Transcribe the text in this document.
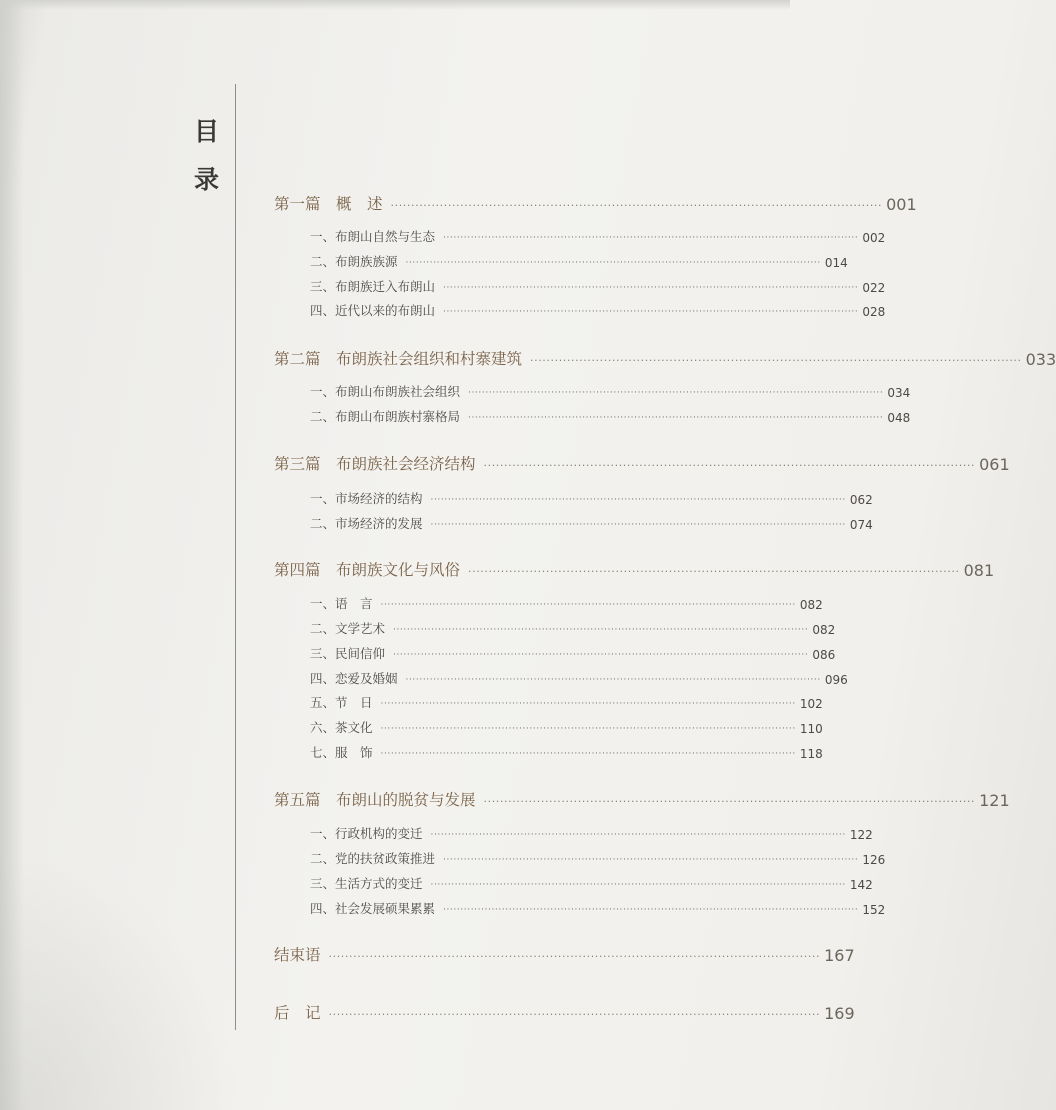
目
录
第一篇　概　述 ························································································································ 001
一、布朗山自然与生态 ························································································································ 002
二、布朗族族源 ························································································································ 014
三、布朗族迁入布朗山 ························································································································ 022
四、近代以来的布朗山 ························································································································ 028
第二篇　布朗族社会组织和村寨建筑 ························································································································ 033
一、布朗山布朗族社会组织 ························································································································ 034
二、布朗山布朗族村寨格局 ························································································································ 048
第三篇　布朗族社会经济结构 ························································································································ 061
一、市场经济的结构 ························································································································ 062
二、市场经济的发展 ························································································································ 074
第四篇　布朗族文化与风俗 ························································································································ 081
一、语　言 ························································································································ 082
二、文学艺术 ························································································································ 082
三、民间信仰 ························································································································ 086
四、恋爱及婚姻 ························································································································ 096
五、节　日 ························································································································ 102
六、茶文化 ························································································································ 110
七、服　饰 ························································································································ 118
第五篇　布朗山的脱贫与发展 ························································································································ 121
一、行政机构的变迁 ························································································································ 122
二、党的扶贫政策推进 ························································································································ 126
三、生活方式的变迁 ························································································································ 142
四、社会发展硕果累累 ························································································································ 152
结束语 ························································································································ 167
后　记 ························································································································ 169
